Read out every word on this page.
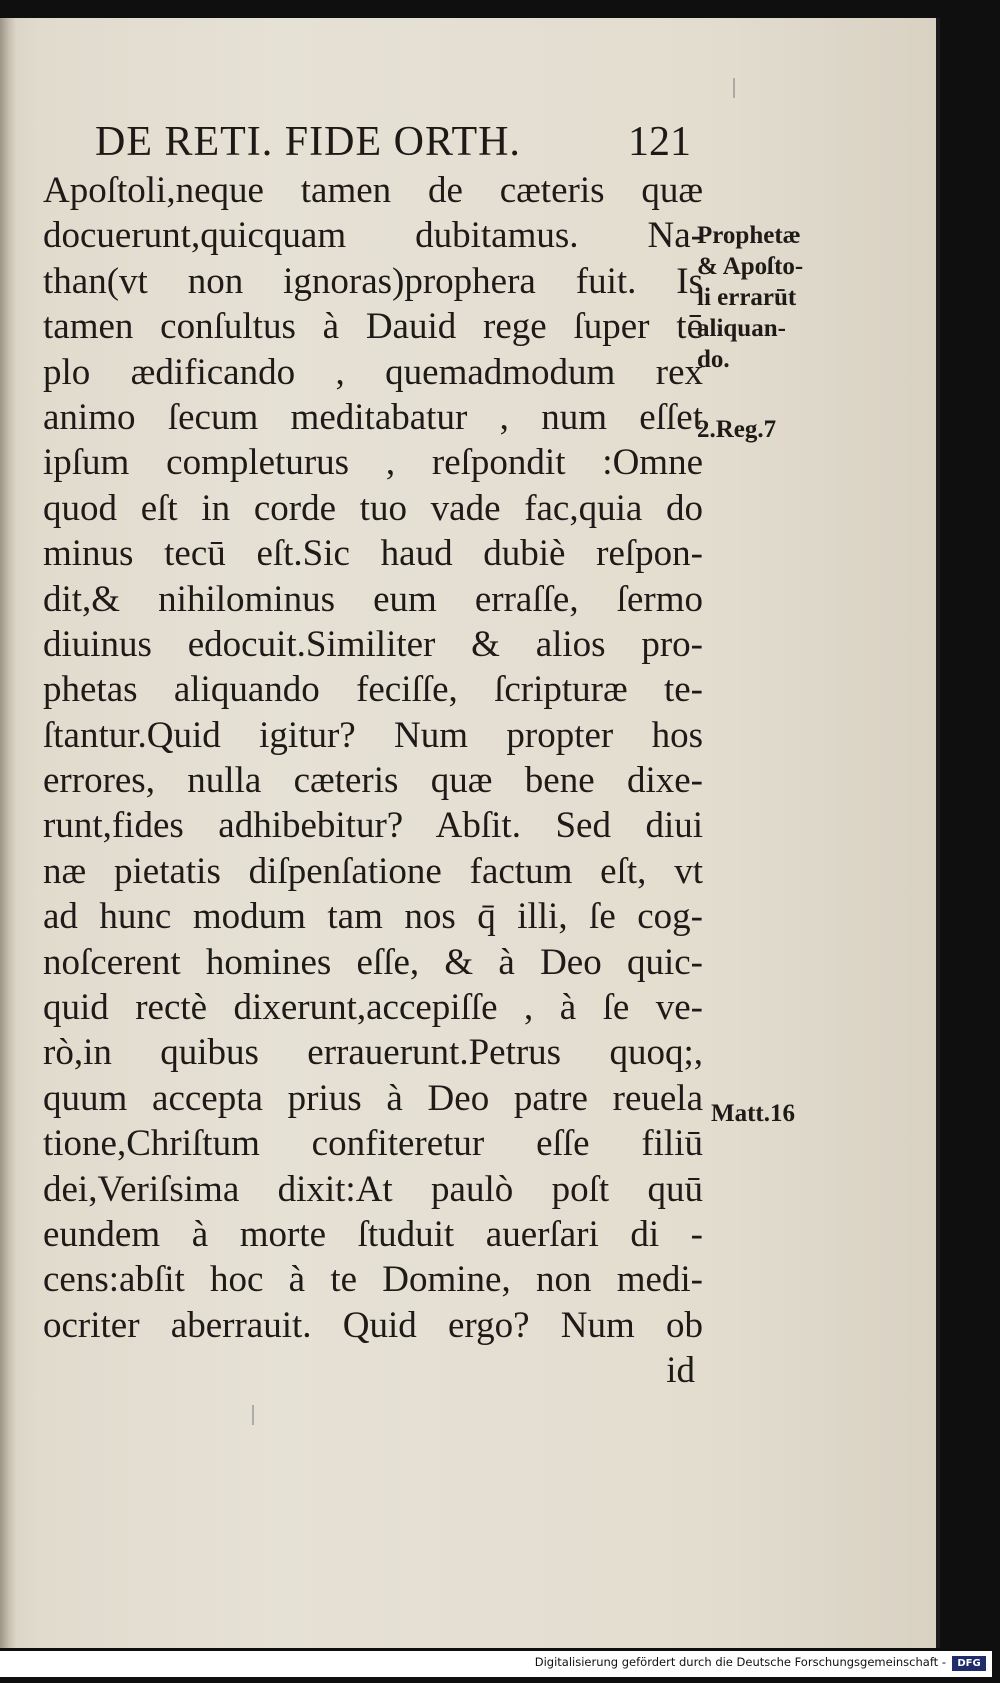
DE RETI. FIDE ORTH.	121
Apoſtoli,neque tamen de cæteris quæ
docuerunt,quicquam dubitamus. Na-
than(vt non ignoras)prophera fuit. Is
tamen conſultus à Dauid rege ſuper tē
plo ædificando , quemadmodum rex
animo ſecum meditabatur , num eſſet
ipſum completurus , reſpondit :Omne
quod eſt in corde tuo vade fac,quia do
minus tecū eſt.Sic haud dubiè reſpon-
dit,& nihilominus eum erraſſe, ſermo
diuinus edocuit.Similiter & alios pro-
phetas aliquando feciſſe, ſcripturæ te-
ſtantur.Quid igitur? Num propter hos
errores, nulla cæteris quæ bene dixe-
runt,fides adhibebitur? Abſit. Sed diui
næ pietatis diſpenſatione factum eſt, vt
ad hunc modum tam nos q̄ illi, ſe cog-
noſcerent homines eſſe, & à Deo quic-
quid rectè dixerunt,accepiſſe , à ſe ve-
rò,in quibus errauerunt.Petrus quoq;,
quum accepta prius à Deo patre reuela
tione,Chriſtum confiteretur eſſe filiū
dei,Veriſsima dixit:At paulò poſt quū
eundem à morte ſtuduit auerſari di -
cens:abſit hoc à te Domine, non medi-
ocriter aberrauit. Quid ergo? Num ob
id
Prophetæ
& Apoſto-
li errarūt
aliquan-
do.
2.Reg.7
Matt.16
Digitalisierung gefördert durch die Deutsche Forschungsgemeinschaft -	DFG
